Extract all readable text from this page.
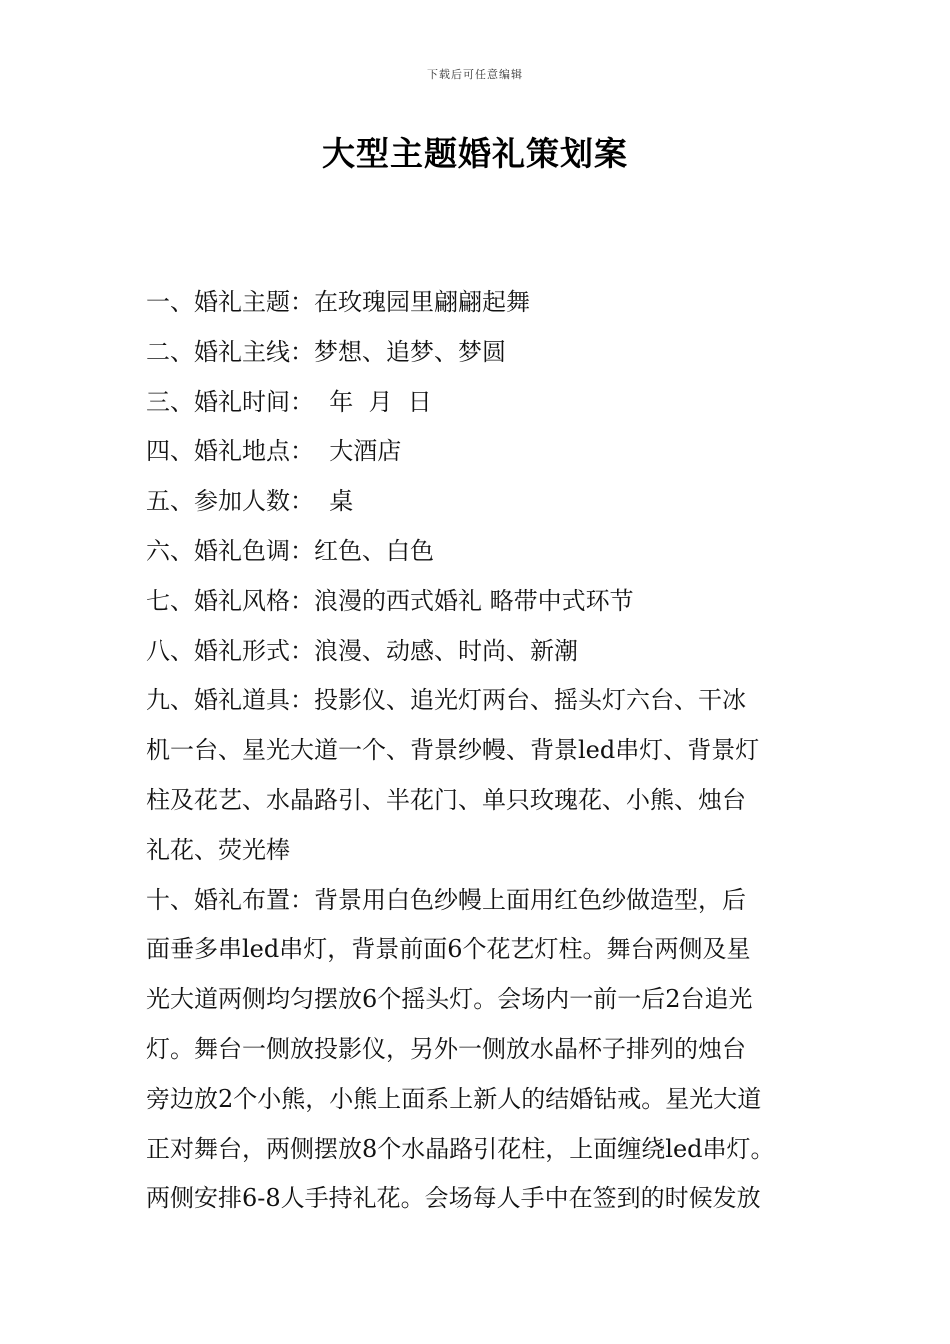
下载后可任意编辑
大型主题婚礼策划案
一、婚礼主题：在玫瑰园里翩翩起舞
二、婚礼主线：梦想、追梦、梦圆
三、婚礼时间：  年  月  日
四、婚礼地点：  大酒店
五、参加人数：  桌
六、婚礼色调：红色、白色
七、婚礼风格：浪漫的西式婚礼 略带中式环节
八、婚礼形式：浪漫、动感、时尚、新潮
九、婚礼道具：投影仪、追光灯两台、摇头灯六台、干冰
机一台、星光大道一个、背景纱幔、背景led串灯、背景灯
柱及花艺、水晶路引、半花门、单只玫瑰花、小熊、烛台
礼花、荧光棒
十、婚礼布置：背景用白色纱幔上面用红色纱做造型，后
面垂多串led串灯，背景前面6个花艺灯柱。舞台两侧及星
光大道两侧均匀摆放6个摇头灯。会场内一前一后2台追光
灯。舞台一侧放投影仪，另外一侧放水晶杯子排列的烛台
旁边放2个小熊，小熊上面系上新人的结婚钻戒。星光大道
正对舞台，两侧摆放8个水晶路引花柱，上面缠绕led串灯。
两侧安排6-8人手持礼花。会场每人手中在签到的时候发放
